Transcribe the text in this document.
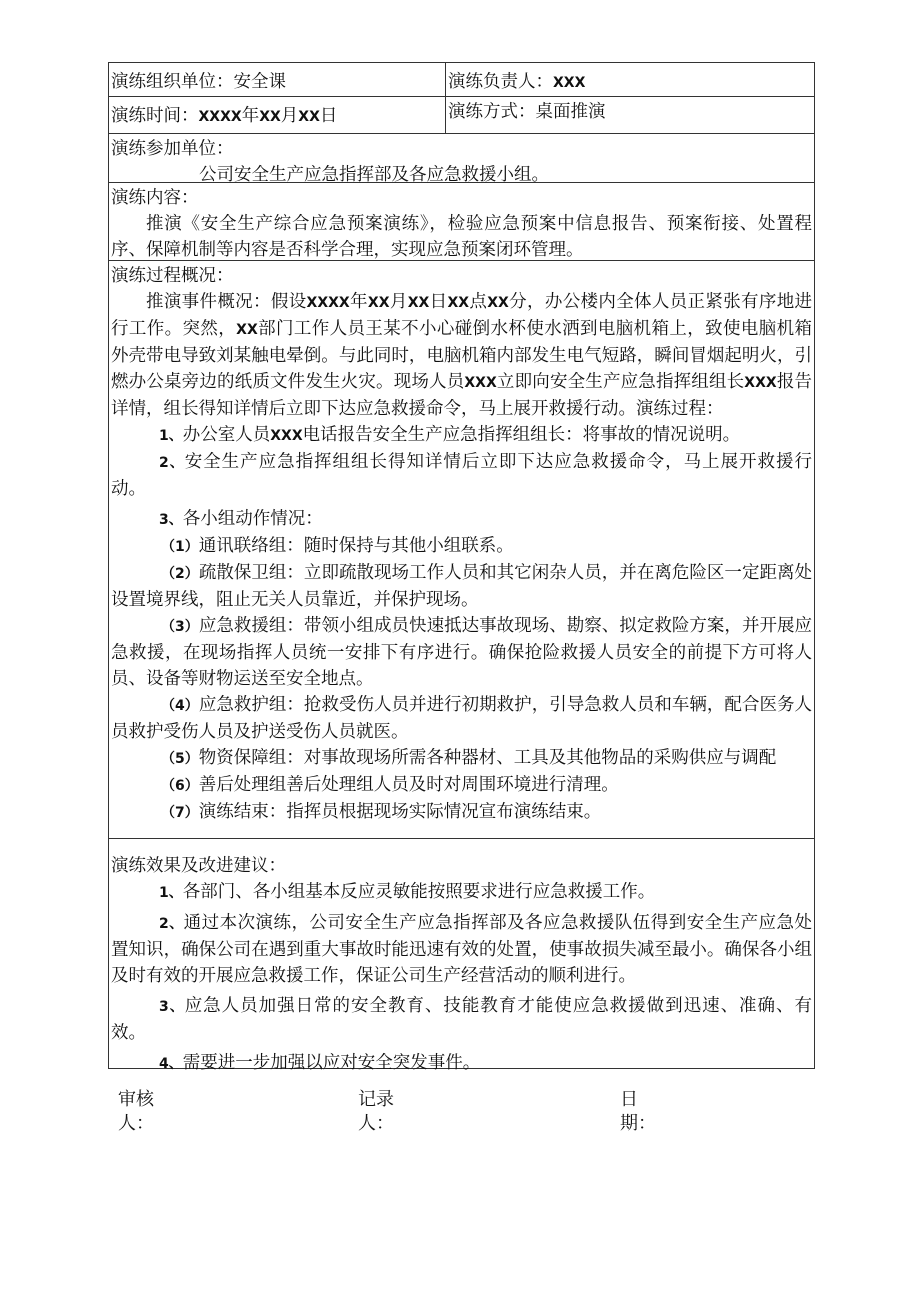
演练组织单位：安全课	演练负责人：XXX
演练时间：XXXX年XX月XX日	演练方式：桌面推演
演练参加单位：
公司安全生产应急指挥部及各应急救援小组。
演练内容：
推演《安全生产综合应急预案演练》，检验应急预案中信息报告、预案衔接、处置程序、保障机制等内容是否科学合理，实现应急预案闭环管理。
演练过程概况：
推演事件概况：假设XXXX年XX月XX日XX点XX分，办公楼内全体人员正紧张有序地进行工作。突然，XX部门工作人员王某不小心碰倒水杯使水洒到电脑机箱上，致使电脑机箱外壳带电导致刘某触电晕倒。与此同时，电脑机箱内部发生电气短路，瞬间冒烟起明火，引燃办公桌旁边的纸质文件发生火灾。现场人员XXX立即向安全生产应急指挥组组长XXX报告详情，组长得知详情后立即下达应急救援命令，马上展开救援行动。演练过程：
1、办公室人员XXX电话报告安全生产应急指挥组组长：将事故的情况说明。
2、安全生产应急指挥组组长得知详情后立即下达应急救援命令，马上展开救援行动。
3、各小组动作情况：
（1）通讯联络组：随时保持与其他小组联系。
（2）疏散保卫组：立即疏散现场工作人员和其它闲杂人员，并在离危险区一定距离处设置境界线，阻止无关人员靠近，并保护现场。
（3）应急救援组：带领小组成员快速抵达事故现场、勘察、拟定救险方案，并开展应急救援，在现场指挥人员统一安排下有序进行。确保抢险救援人员安全的前提下方可将人员、设备等财物运送至安全地点。
（4）应急救护组：抢救受伤人员并进行初期救护，引导急救人员和车辆，配合医务人员救护受伤人员及护送受伤人员就医。
（5）物资保障组：对事故现场所需各种器材、工具及其他物品的采购供应与调配
（6）善后处理组善后处理组人员及时对周围环境进行清理。
（7）演练结束：指挥员根据现场实际情况宣布演练结束。
演练效果及改进建议：
1、各部门、各小组基本反应灵敏能按照要求进行应急救援工作。
2、通过本次演练，公司安全生产应急指挥部及各应急救援队伍得到安全生产应急处置知识，确保公司在遇到重大事故时能迅速有效的处置，使事故损失减至最小。确保各小组及时有效的开展应急救援工作，保证公司生产经营活动的顺利进行。
3、应急人员加强日常的安全教育、技能教育才能使应急救援做到迅速、准确、有效。
4、需要进一步加强以应对安全突发事件。
审核人：
记录人：
日期：
